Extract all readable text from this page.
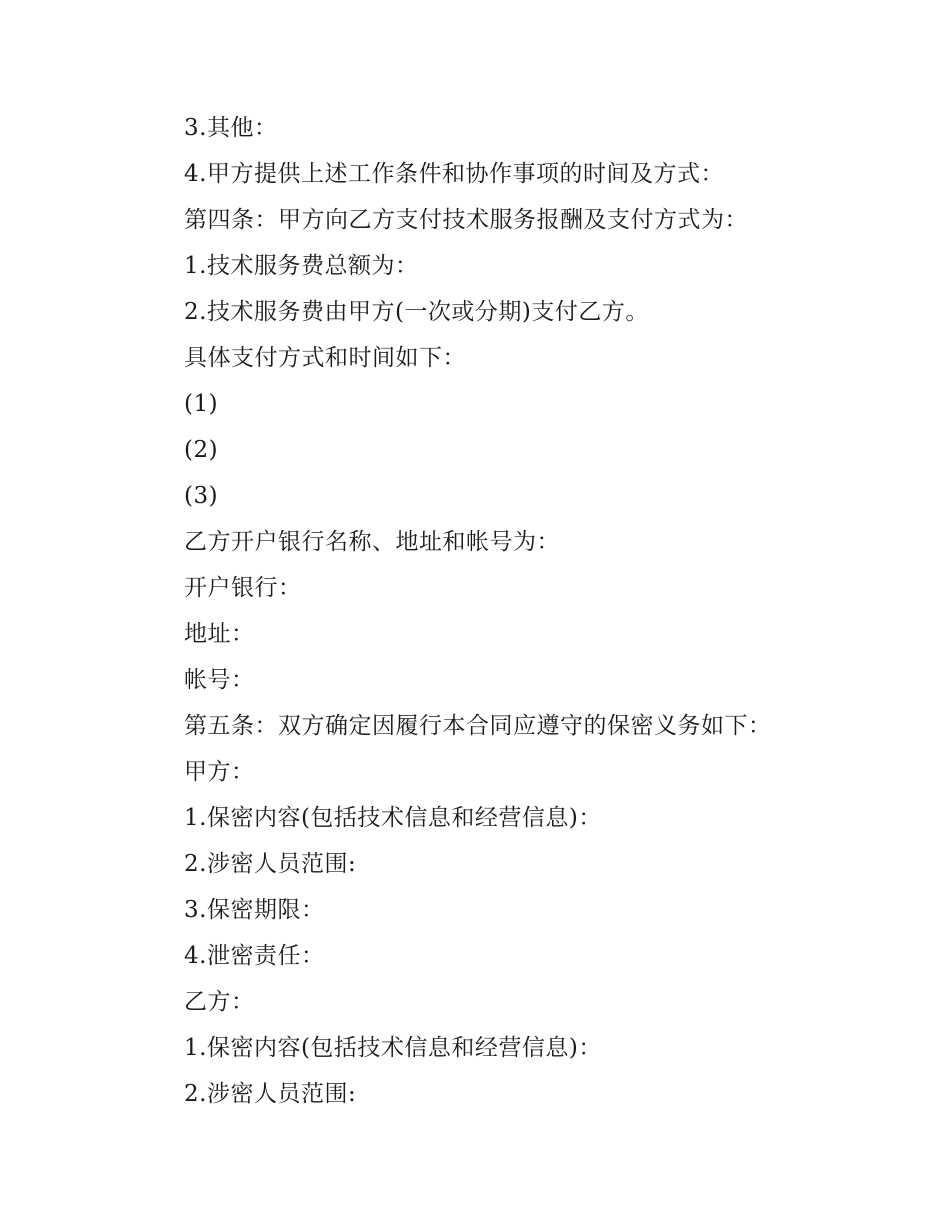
3.其他：
4.甲方提供上述工作条件和协作事项的时间及方式：
第四条：甲方向乙方支付技术服务报酬及支付方式为：
1.技术服务费总额为：
2.技术服务费由甲方(一次或分期)支付乙方。
具体支付方式和时间如下：
(1)
(2)
(3)
乙方开户银行名称、地址和帐号为：
开户银行：
地址：
帐号：
第五条：双方确定因履行本合同应遵守的保密义务如下：
甲方：
1.保密内容(包括技术信息和经营信息)：
2.涉密人员范围:
3.保密期限：
4.泄密责任：
乙方：
1.保密内容(包括技术信息和经营信息)：
2.涉密人员范围:
